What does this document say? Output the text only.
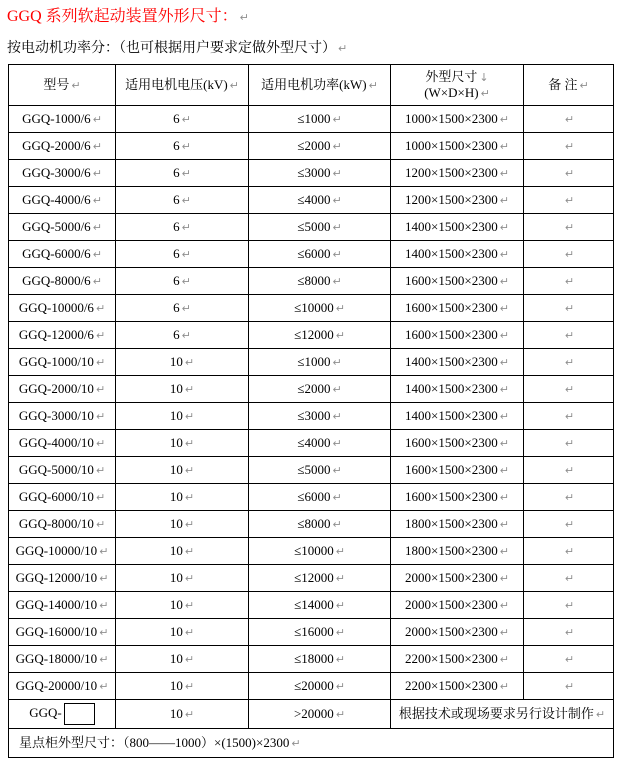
GGQ 系列软起动装置外形尺寸： ↵
按电动机功率分：（也可根据用户要求定做外型尺寸） ↵
型号 ↵	适用电机电压(kV) ↵	适用电机功率(kW) ↵	外型尺寸 ↓
(W×D×H) ↵	备 注 ↵
GGQ-1000/6 ↵	6 ↵	≤1000 ↵	1000×1500×2300 ↵	↵
GGQ-2000/6 ↵	6 ↵	≤2000 ↵	1000×1500×2300 ↵	↵
GGQ-3000/6 ↵	6 ↵	≤3000 ↵	1200×1500×2300 ↵	↵
GGQ-4000/6 ↵	6 ↵	≤4000 ↵	1200×1500×2300 ↵	↵
GGQ-5000/6 ↵	6 ↵	≤5000 ↵	1400×1500×2300 ↵	↵
GGQ-6000/6 ↵	6 ↵	≤6000 ↵	1400×1500×2300 ↵	↵
GGQ-8000/6 ↵	6 ↵	≤8000 ↵	1600×1500×2300 ↵	↵
GGQ-10000/6 ↵	6 ↵	≤10000 ↵	1600×1500×2300 ↵	↵
GGQ-12000/6 ↵	6 ↵	≤12000 ↵	1600×1500×2300 ↵	↵
GGQ-1000/10 ↵	10 ↵	≤1000 ↵	1400×1500×2300 ↵	↵
GGQ-2000/10 ↵	10 ↵	≤2000 ↵	1400×1500×2300 ↵	↵
GGQ-3000/10 ↵	10 ↵	≤3000 ↵	1400×1500×2300 ↵	↵
GGQ-4000/10 ↵	10 ↵	≤4000 ↵	1600×1500×2300 ↵	↵
GGQ-5000/10 ↵	10 ↵	≤5000 ↵	1600×1500×2300 ↵	↵
GGQ-6000/10 ↵	10 ↵	≤6000 ↵	1600×1500×2300 ↵	↵
GGQ-8000/10 ↵	10 ↵	≤8000 ↵	1800×1500×2300 ↵	↵
GGQ-10000/10 ↵	10 ↵	≤10000 ↵	1800×1500×2300 ↵	↵
GGQ-12000/10 ↵	10 ↵	≤12000 ↵	2000×1500×2300 ↵	↵
GGQ-14000/10 ↵	10 ↵	≤14000 ↵	2000×1500×2300 ↵	↵
GGQ-16000/10 ↵	10 ↵	≤16000 ↵	2000×1500×2300 ↵	↵
GGQ-18000/10 ↵	10 ↵	≤18000 ↵	2200×1500×2300 ↵	↵
GGQ-20000/10 ↵	10 ↵	≤20000 ↵	2200×1500×2300 ↵	↵
GGQ-	10 ↵	>20000 ↵	根据技术或现场要求另行设计制作 ↵	
星点柜外型尺寸：（800——1000）×(1500)×2300 ↵				
